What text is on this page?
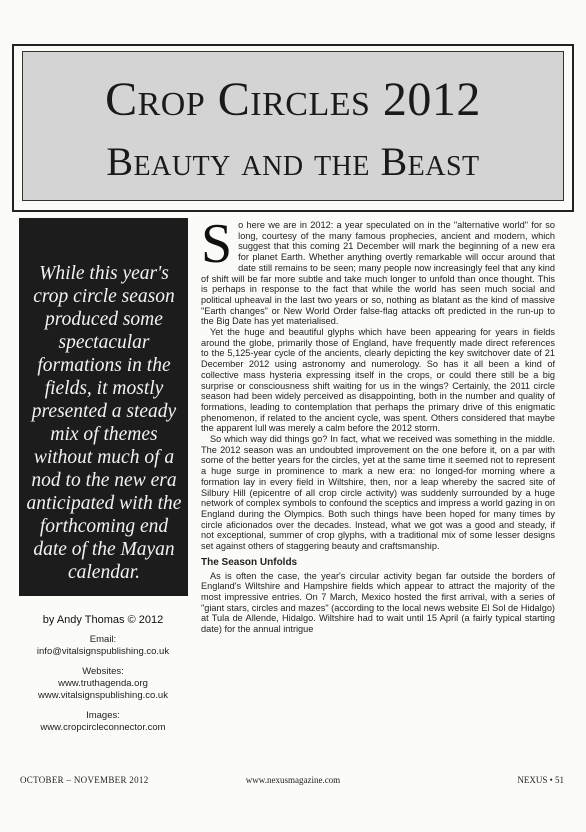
Crop Circles 2012
Beauty and the Beast
While this year's crop circle season produced some spectacular formations in the fields, it mostly presented a steady mix of themes without much of a nod to the new era anticipated with the forthcoming end date of the Mayan calendar.
by Andy Thomas © 2012
Email:
info@vitalsignspublishing.co.uk
Websites:
www.truthagenda.org
www.vitalsignspublishing.co.uk
Images:
www.cropcircleconnector.com

So here we are in 2012: a year speculated on in the "alternative world" for so long, courtesy of the many famous prophecies, ancient and modern, which suggest that this coming 21 December will mark the beginning of a new era for planet Earth. Whether anything overtly remarkable will occur around that date still remains to be seen; many people now increasingly feel that any kind of shift will be far more subtle and take much longer to unfold than once thought. This is perhaps in response to the fact that while the world has seen much social and political upheaval in the last two years or so, nothing as blatant as the kind of massive "Earth changes" or New World Order false-flag attacks oft predicted in the run-up to the Big Date has yet materialised.

Yet the huge and beautiful glyphs which have been appearing for years in fields around the globe, primarily those of England, have frequently made direct references to the 5,125-year cycle of the ancients, clearly depicting the key switchover date of 21 December 2012 using astronomy and numerology. So has it all been a kind of collective mass hysteria expressing itself in the crops, or could there still be a big surprise or consciousness shift waiting for us in the wings? Certainly, the 2011 circle season had been widely perceived as disappointing, both in the number and quality of formations, leading to contemplation that perhaps the primary drive of this enigmatic phenomenon, if related to the ancient cycle, was spent. Others considered that maybe the apparent lull was merely a calm before the 2012 storm.

So which way did things go? In fact, what we received was something in the middle. The 2012 season was an undoubted improvement on the one before it, on a par with some of the better years for the circles, yet at the same time it seemed not to represent a huge surge in prominence to mark a new era: no longed-for morning where a formation lay in every field in Wiltshire, then, nor a leap whereby the sacred site of Silbury Hill (epicentre of all crop circle activity) was suddenly surrounded by a huge network of complex symbols to confound the sceptics and impress a world gazing in on England during the Olympics. Both such things have been hoped for many times by circle aficionados over the decades. Instead, what we got was a good and steady, if not exceptional, summer of crop glyphs, with a traditional mix of some lesser designs set against others of staggering beauty and craftsmanship.

The Season Unfolds

As is often the case, the year's circular activity began far outside the borders of England's Wiltshire and Hampshire fields which appear to attract the majority of the most impressive entries. On 7 March, Mexico hosted the first arrival, with a series of "giant stars, circles and mazes" (according to the local news website El Sol de Hidalgo) at Tula de Allende, Hidalgo. Wiltshire had to wait until 15 April (a fairly typical starting date) for the annual intrigue

OCTOBER – NOVEMBER 2012	www.nexusmagazine.com	NEXUS • 51
